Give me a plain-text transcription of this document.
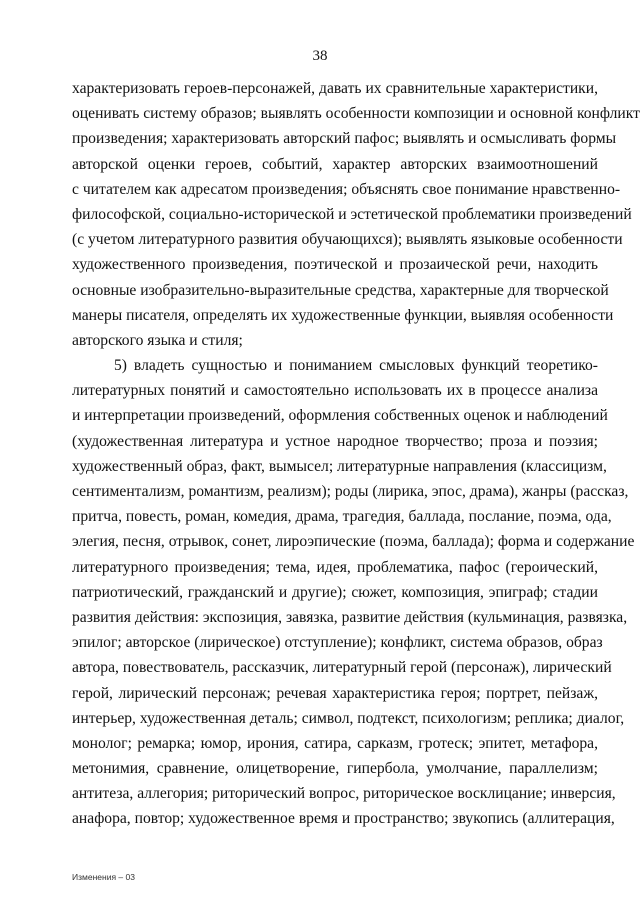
38
характеризовать героев-персонажей, давать их сравнительные характеристики,
оценивать систему образов; выявлять особенности композиции и основной конфликт
произведения; характеризовать авторский пафос; выявлять и осмысливать формы
авторской оценки героев, событий, характер авторских взаимоотношений
с читателем как адресатом произведения; объяснять свое понимание нравственно-
философской, социально-исторической и эстетической проблематики произведений
(с учетом литературного развития обучающихся); выявлять языковые особенности
художественного произведения, поэтической и прозаической речи, находить
основные изобразительно-выразительные средства, характерные для творческой
манеры писателя, определять их художественные функции, выявляя особенности
авторского языка и стиля;
5) владеть сущностью и пониманием смысловых функций теоретико-
литературных понятий и самостоятельно использовать их в процессе анализа
и интерпретации произведений, оформления собственных оценок и наблюдений
(художественная литература и устное народное творчество; проза и поэзия;
художественный образ, факт, вымысел; литературные направления (классицизм,
сентиментализм, романтизм, реализм); роды (лирика, эпос, драма), жанры (рассказ,
притча, повесть, роман, комедия, драма, трагедия, баллада, послание, поэма, ода,
элегия, песня, отрывок, сонет, лироэпические (поэма, баллада); форма и содержание
литературного произведения; тема, идея, проблематика, пафос (героический,
патриотический, гражданский и другие); сюжет, композиция, эпиграф; стадии
развития действия: экспозиция, завязка, развитие действия (кульминация, развязка,
эпилог; авторское (лирическое) отступление); конфликт, система образов, образ
автора, повествователь, рассказчик, литературный герой (персонаж), лирический
герой, лирический персонаж; речевая характеристика героя; портрет, пейзаж,
интерьер, художественная деталь; символ, подтекст, психологизм; реплика; диалог,
монолог; ремарка; юмор, ирония, сатира, сарказм, гротеск; эпитет, метафора,
метонимия, сравнение, олицетворение, гипербола, умолчание, параллелизм;
антитеза, аллегория; риторический вопрос, риторическое восклицание; инверсия,
анафора, повтор; художественное время и пространство; звукопись (аллитерация,
Изменения – 03
